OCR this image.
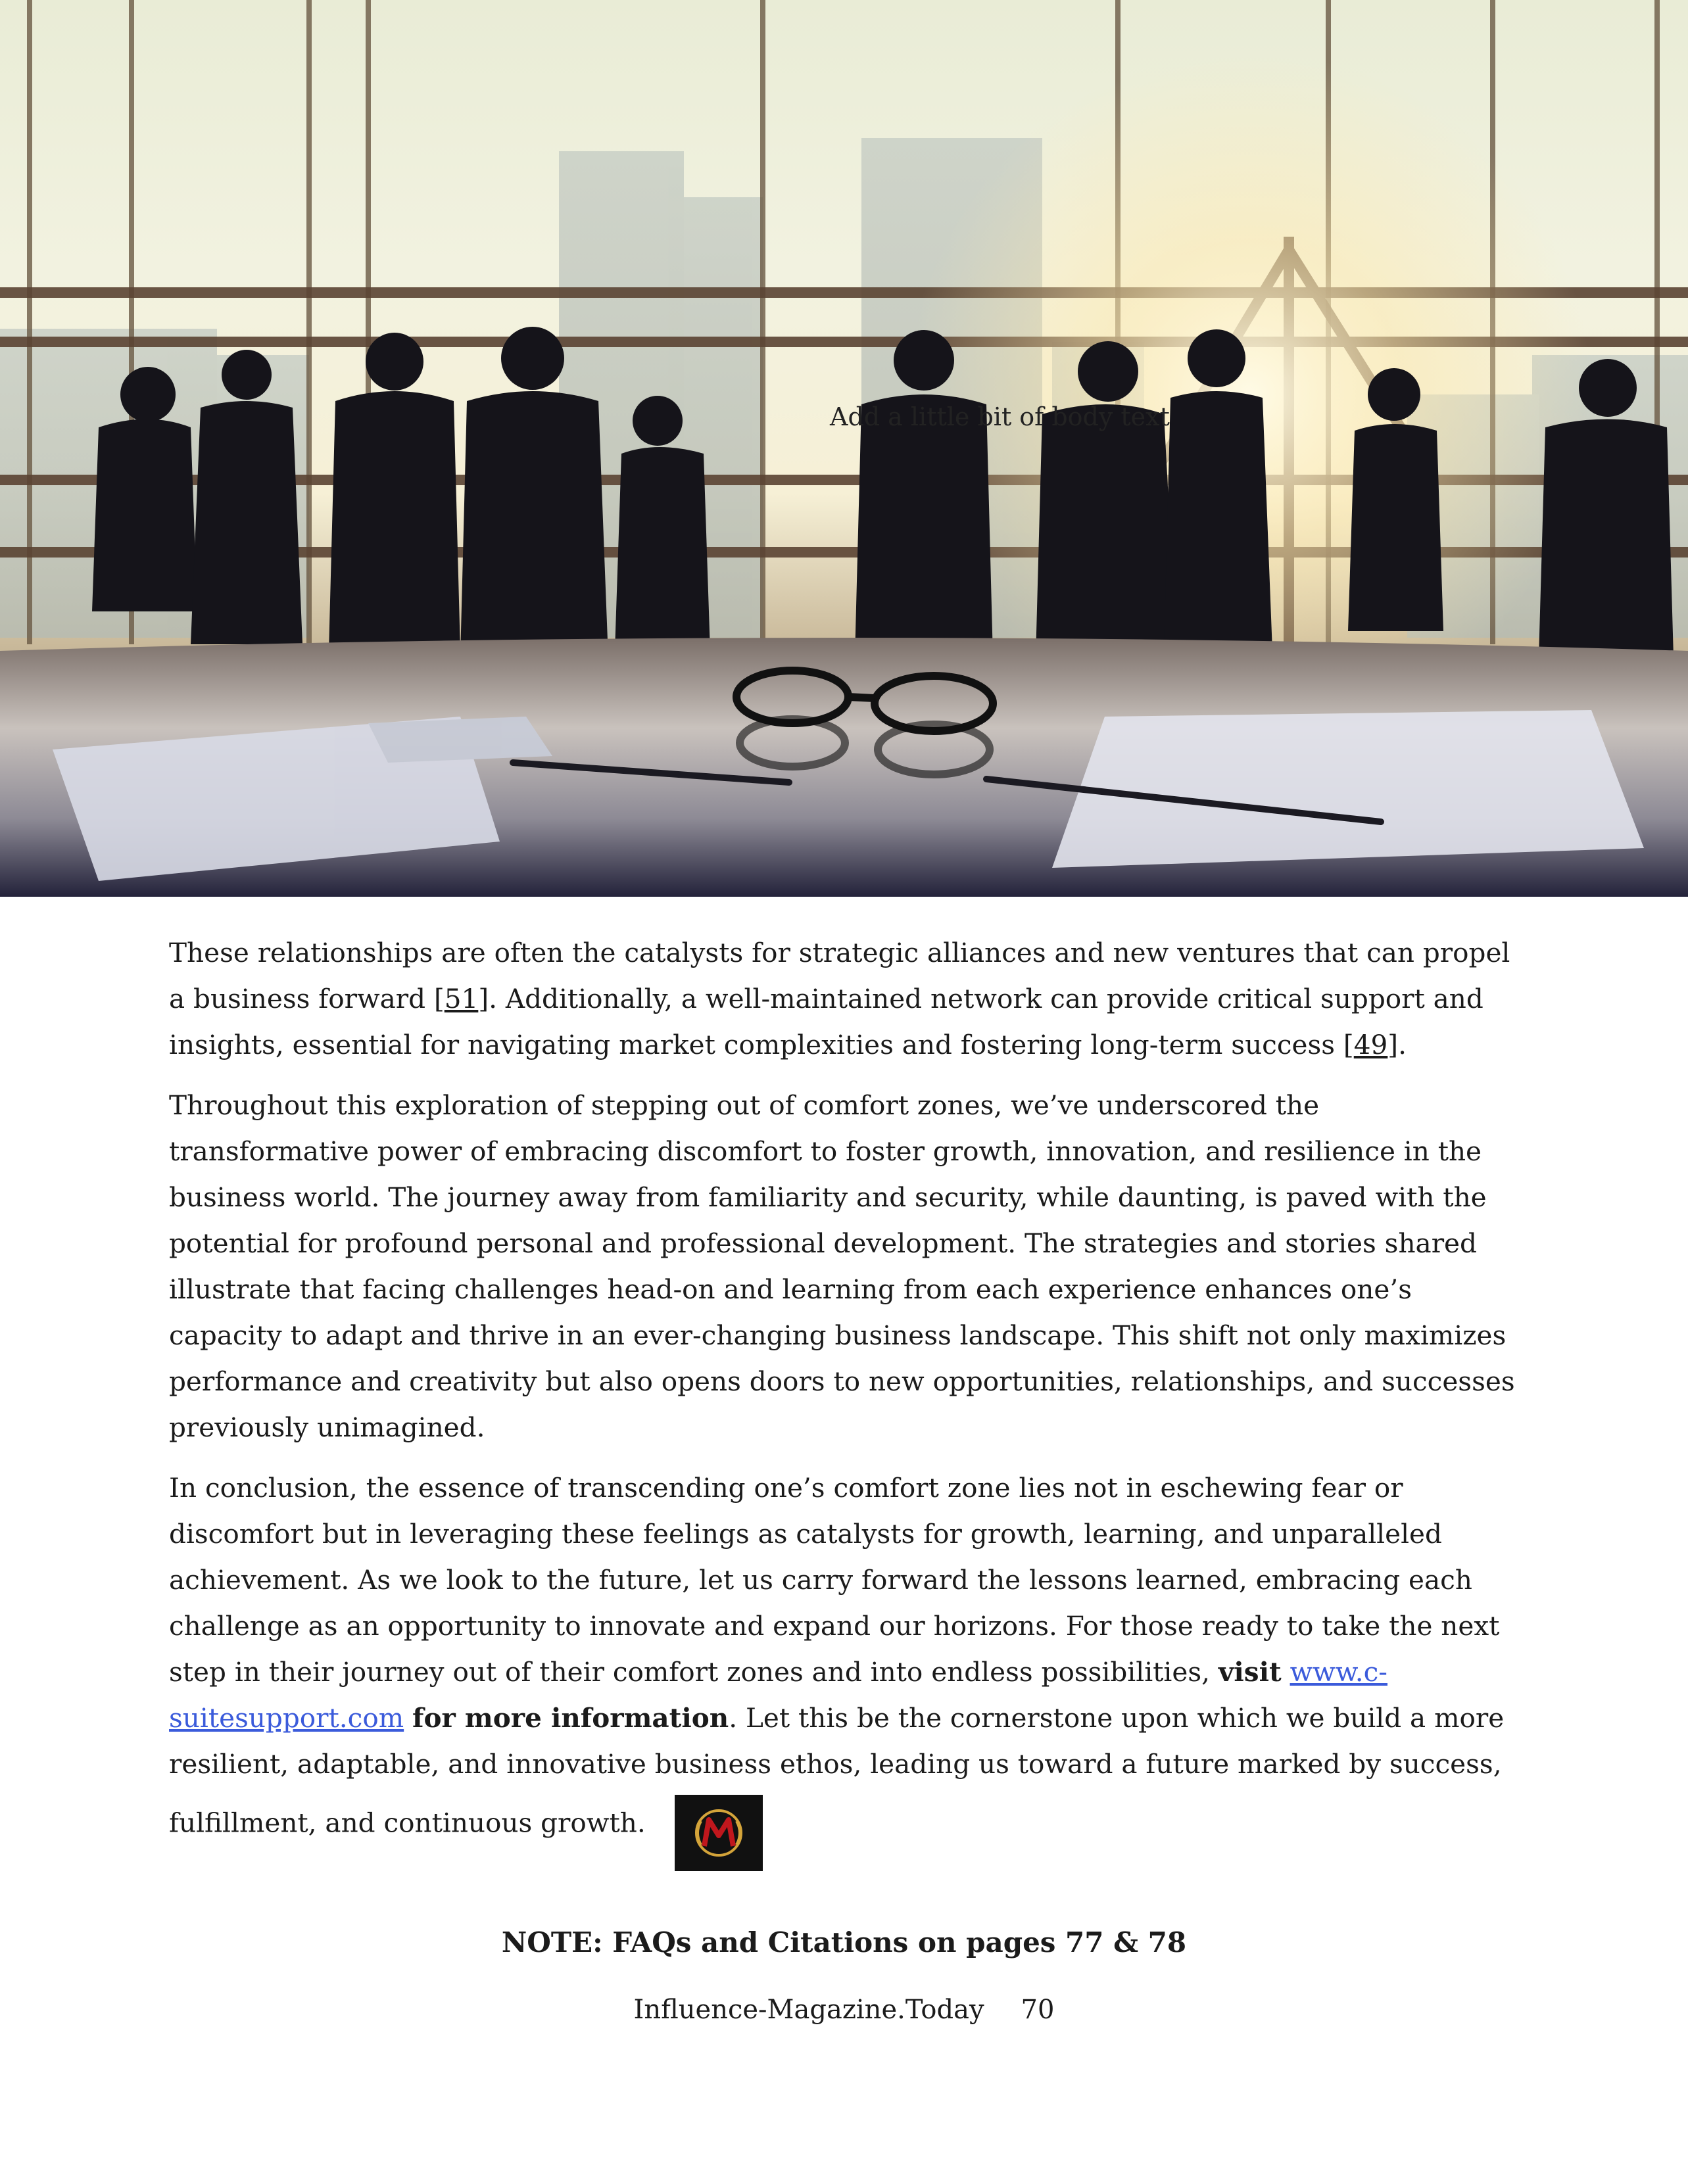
Add a little bit of body text

These relationships are often the catalysts for strategic alliances and new ventures that can propel a business forward [51]. Additionally, a well-maintained network can provide critical support and insights, essential for navigating market complexities and fostering long-term success [49].

Throughout this exploration of stepping out of comfort zones, we’ve underscored the transformative power of embracing discomfort to foster growth, innovation, and resilience in the business world. The journey away from familiarity and security, while daunting, is paved with the potential for profound personal and professional development. The strategies and stories shared illustrate that facing challenges head-on and learning from each experience enhances one’s capacity to adapt and thrive in an ever-changing business landscape. This shift not only maximizes performance and creativity but also opens doors to new opportunities, relationships, and successes previously unimagined.

In conclusion, the essence of transcending one’s comfort zone lies not in eschewing fear or discomfort but in leveraging these feelings as catalysts for growth, learning, and unparalleled achievement. As we look to the future, let us carry forward the lessons learned, embracing each challenge as an opportunity to innovate and expand our horizons. For those ready to take the next step in their journey out of their comfort zones and into endless possibilities, visit www.c-suitesupport.com for more information. Let this be the cornerstone upon which we build a more resilient, adaptable, and innovative business ethos, leading us toward a future marked by success, fulfillment, and continuous growth.

NOTE: FAQs and Citations on pages 77 & 78
Influence-Magazine.Today 70
